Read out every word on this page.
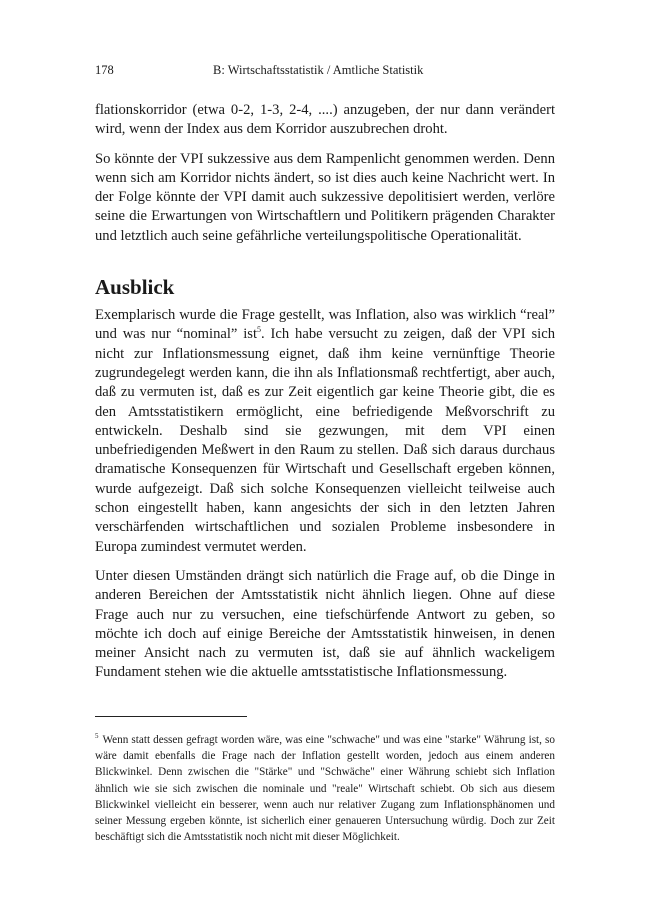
178	B: Wirtschaftsstatistik / Amtliche Statistik

flationskorridor (etwa 0-2, 1-3, 2-4, ....) anzugeben, der nur dann verändert wird, wenn der Index aus dem Korridor auszubrechen droht.

So könnte der VPI sukzessive aus dem Rampenlicht genommen werden. Denn wenn sich am Korridor nichts ändert, so ist dies auch keine Nachricht wert. In der Folge könnte der VPI damit auch sukzessive depolitisiert werden, verlöre seine die Erwartungen von Wirtschaftlern und Politikern prägenden Charakter und letztlich auch seine gefährliche verteilungspolitische Operationalität.

Ausblick

Exemplarisch wurde die Frage gestellt, was Inflation, also was wirklich “real” und was nur “nominal” ist$^5$. Ich habe versucht zu zeigen, daß der VPI sich nicht zur Inflationsmessung eignet, daß ihm keine vernünftige Theorie zugrundegelegt werden kann, die ihn als Inflationsmaß rechtfertigt, aber auch, daß zu vermuten ist, daß es zur Zeit eigentlich gar keine Theorie gibt, die es den Amtsstatistikern ermöglicht, eine befriedigende Meßvorschrift zu entwickeln. Deshalb sind sie gezwungen, mit dem VPI einen unbefriedigenden Meßwert in den Raum zu stellen. Daß sich daraus durchaus dramatische Konsequenzen für Wirtschaft und Gesellschaft ergeben können, wurde aufgezeigt. Daß sich solche Konsequenzen vielleicht teilweise auch schon eingestellt haben, kann angesichts der sich in den letzten Jahren verschärfenden wirtschaftlichen und sozialen Probleme insbesondere in Europa zumindest vermutet werden.

Unter diesen Umständen drängt sich natürlich die Frage auf, ob die Dinge in anderen Bereichen der Amtsstatistik nicht ähnlich liegen. Ohne auf diese Frage auch nur zu versuchen, eine tiefschürfende Antwort zu geben, so möchte ich doch auf einige Bereiche der Amtsstatistik hinweisen, in denen meiner Ansicht nach zu vermuten ist, daß sie auf ähnlich wackeligem Fundament stehen wie die aktuelle amtsstatistische Inflationsmessung.

$^5$ Wenn statt dessen gefragt worden wäre, was eine "schwache" und was eine "starke" Währung ist, so wäre damit ebenfalls die Frage nach der Inflation gestellt worden, jedoch aus einem anderen Blickwinkel. Denn zwischen die "Stärke" und "Schwäche" einer Währung schiebt sich Inflation ähnlich wie sie sich zwischen die nominale und "reale" Wirtschaft schiebt. Ob sich aus diesem Blickwinkel vielleicht ein besserer, wenn auch nur relativer Zugang zum Inflationsphänomen und seiner Messung ergeben könnte, ist sicherlich einer genaueren Untersuchung würdig. Doch zur Zeit beschäftigt sich die Amtsstatistik noch nicht mit dieser Möglichkeit.
